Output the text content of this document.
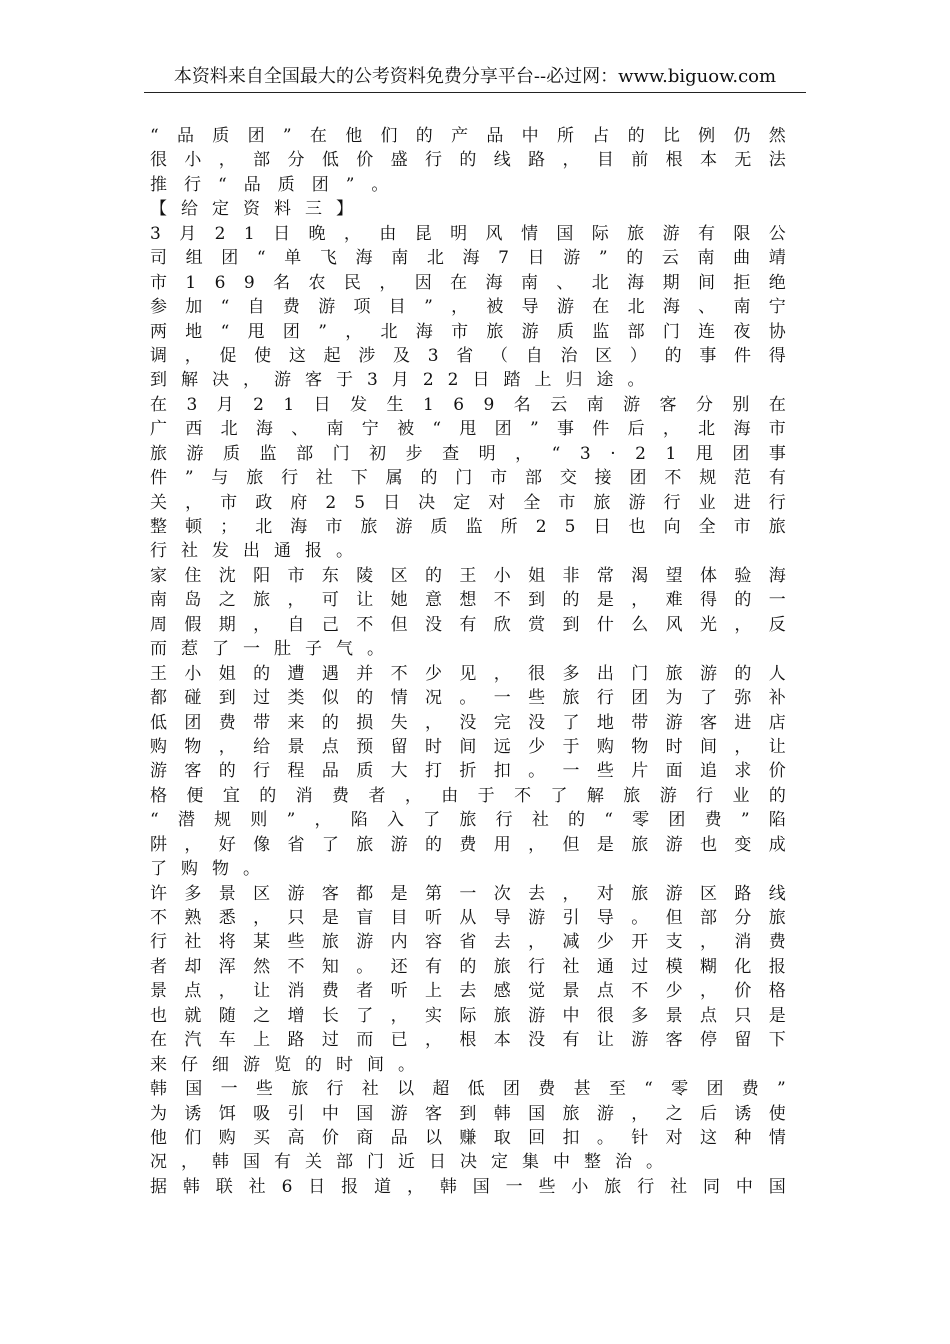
本资料来自全国最大的公考资料免费分享平台--必过网：www.biguow.com
“ 品 质 团 ” 在 他 们 的 产 品 中 所 占 的 比 例 仍 然
很 小 ， 部 分 低 价 盛 行 的 线 路 ， 目 前 根 本 无 法
推 行 “ 品 质 团 ” 。
【 给 定 资 料 三 】
3 月 2 1 日 晚 ， 由 昆 明 风 情 国 际 旅 游 有 限 公
司 组 团 “ 单 飞 海 南 北 海 7 日 游 ” 的 云 南 曲 靖
市 1 6 9 名 农 民 ， 因 在 海 南 、 北 海 期 间 拒 绝
参 加 “ 自 费 游 项 目 ” ， 被 导 游 在 北 海 、 南 宁
两 地 “ 甩 团 ” ， 北 海 市 旅 游 质 监 部 门 连 夜 协
调 ， 促 使 这 起 涉 及 3 省 （ 自 治 区 ） 的 事 件 得
到 解 决 ， 游 客 于 3 月 2 2 日 踏 上 归 途 。
在 3 月 2 1 日 发 生 1 6 9 名 云 南 游 客 分 别 在
广 西 北 海 、 南 宁 被 “ 甩 团 ” 事 件 后 ， 北 海 市
旅 游 质 监 部 门 初 步 查 明 ， “ 3 · 2 1 甩 团 事
件 ” 与 旅 行 社 下 属 的 门 市 部 交 接 团 不 规 范 有
关 ， 市 政 府 2 5 日 决 定 对 全 市 旅 游 行 业 进 行
整 顿 ； 北 海 市 旅 游 质 监 所 2 5 日 也 向 全 市 旅
行 社 发 出 通 报 。
家 住 沈 阳 市 东 陵 区 的 王 小 姐 非 常 渴 望 体 验 海
南 岛 之 旅 ， 可 让 她 意 想 不 到 的 是 ， 难 得 的 一
周 假 期 ， 自 己 不 但 没 有 欣 赏 到 什 么 风 光 ， 反
而 惹 了 一 肚 子 气 。
王 小 姐 的 遭 遇 并 不 少 见 ， 很 多 出 门 旅 游 的 人
都 碰 到 过 类 似 的 情 况 。 一 些 旅 行 团 为 了 弥 补
低 团 费 带 来 的 损 失 ， 没 完 没 了 地 带 游 客 进 店
购 物 ， 给 景 点 预 留 时 间 远 少 于 购 物 时 间 ， 让
游 客 的 行 程 品 质 大 打 折 扣 。 一 些 片 面 追 求 价
格 便 宜 的 消 费 者 ， 由 于 不 了 解 旅 游 行 业 的
“ 潜 规 则 ” ， 陷 入 了 旅 行 社 的 “ 零 团 费 ” 陷
阱 ， 好 像 省 了 旅 游 的 费 用 ， 但 是 旅 游 也 变 成
了 购 物 。
许 多 景 区 游 客 都 是 第 一 次 去 ， 对 旅 游 区 路 线
不 熟 悉 ， 只 是 盲 目 听 从 导 游 引 导 。 但 部 分 旅
行 社 将 某 些 旅 游 内 容 省 去 ， 减 少 开 支 ， 消 费
者 却 浑 然 不 知 。 还 有 的 旅 行 社 通 过 模 糊 化 报
景 点 ， 让 消 费 者 听 上 去 感 觉 景 点 不 少 ， 价 格
也 就 随 之 增 长 了 ， 实 际 旅 游 中 很 多 景 点 只 是
在 汽 车 上 路 过 而 已 ， 根 本 没 有 让 游 客 停 留 下
来 仔 细 游 览 的 时 间 。
韩 国 一 些 旅 行 社 以 超 低 团 费 甚 至 “ 零 团 费 ”
为 诱 饵 吸 引 中 国 游 客 到 韩 国 旅 游 ， 之 后 诱 使
他 们 购 买 高 价 商 品 以 赚 取 回 扣 。 针 对 这 种 情
况 ， 韩 国 有 关 部 门 近 日 决 定 集 中 整 治 。
据 韩 联 社 6 日 报 道 ， 韩 国 一 些 小 旅 行 社 同 中 国
